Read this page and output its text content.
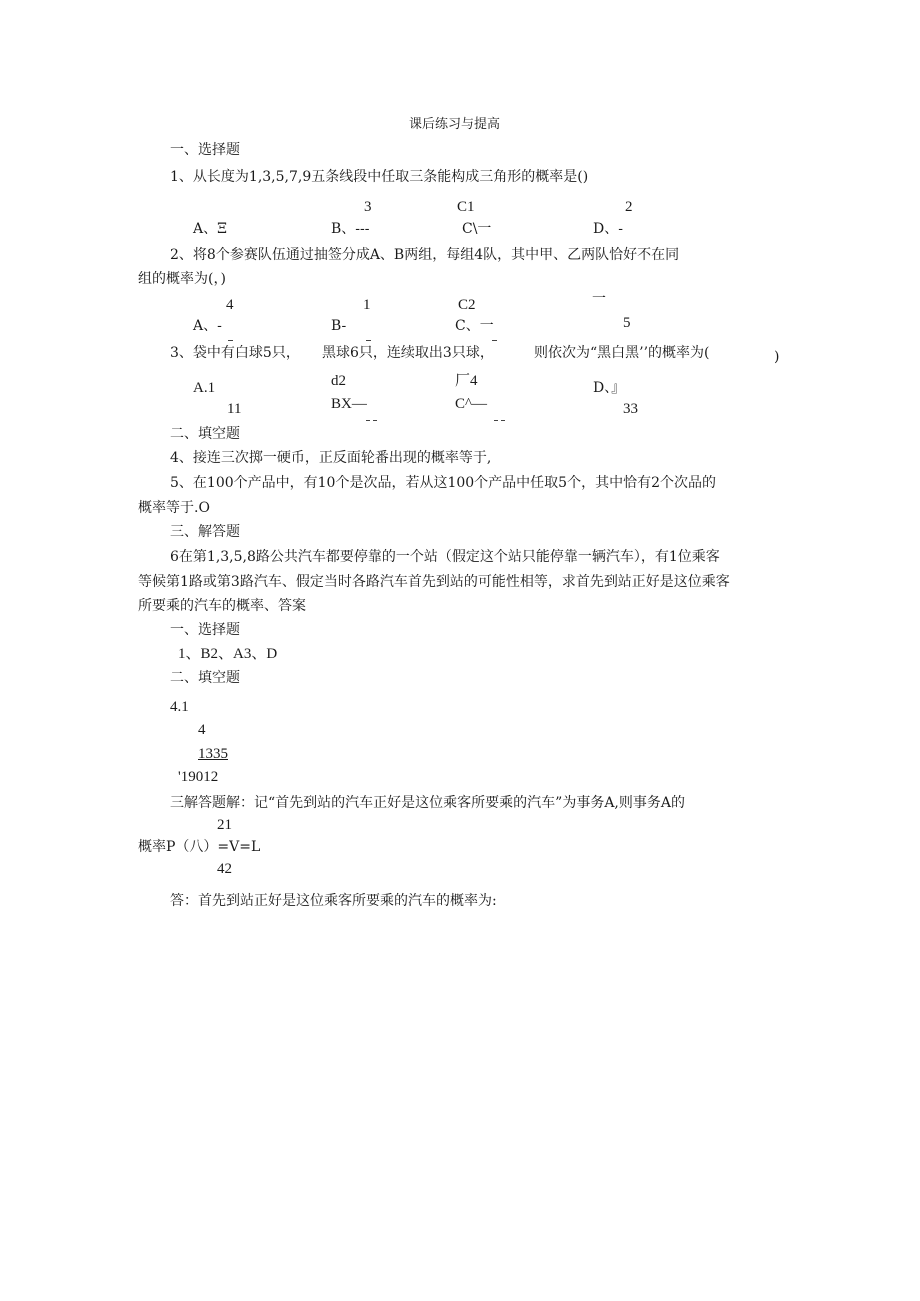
课后练习与提高
一、选择题
1、从长度为1,3,5,7,9五条线段中任取三条能构成三角形的概率是()
3	C1	2
A、Ξ	B、---	C\一	D、-
2、将8个参赛队伍通过抽签分成A、B两组，每组4队，其中甲、乙两队恰好不在同
组的概率为(，)
4	1	C2	一
A、-	B-	C、一	5
3、袋中有白球5只， 黑球6只，连续取出3只球，	则依次为“黑白黑’’的概率为(	)
d2	厂4
A.1	D、』
BX—	C^—
11	33
二、填空题
4、接连三次掷一硬币，正反面轮番出现的概率等于,
5、在100个产品中，有10个是次品，若从这100个产品中任取5个，其中恰有2个次品的
概率等于.O
三、解答题
6在第1,3,5,8路公共汽车都要停靠的一个站（假定这个站只能停靠一辆汽车），有1位乘客
等候第1路或第3路汽车、假定当时各路汽车首先到站的可能性相等，求首先到站正好是这位乘客
所要乘的汽车的概率、答案
一、选择题
1、B2、A3、D
二、填空题
4.1
4
1335
'19012
三解答题解：记“首先到站的汽车正好是这位乘客所要乘的汽车”为事务A,则事务A的
21
概率P（八）=V=L
42
答：首先到站正好是这位乘客所要乘的汽车的概率为:
